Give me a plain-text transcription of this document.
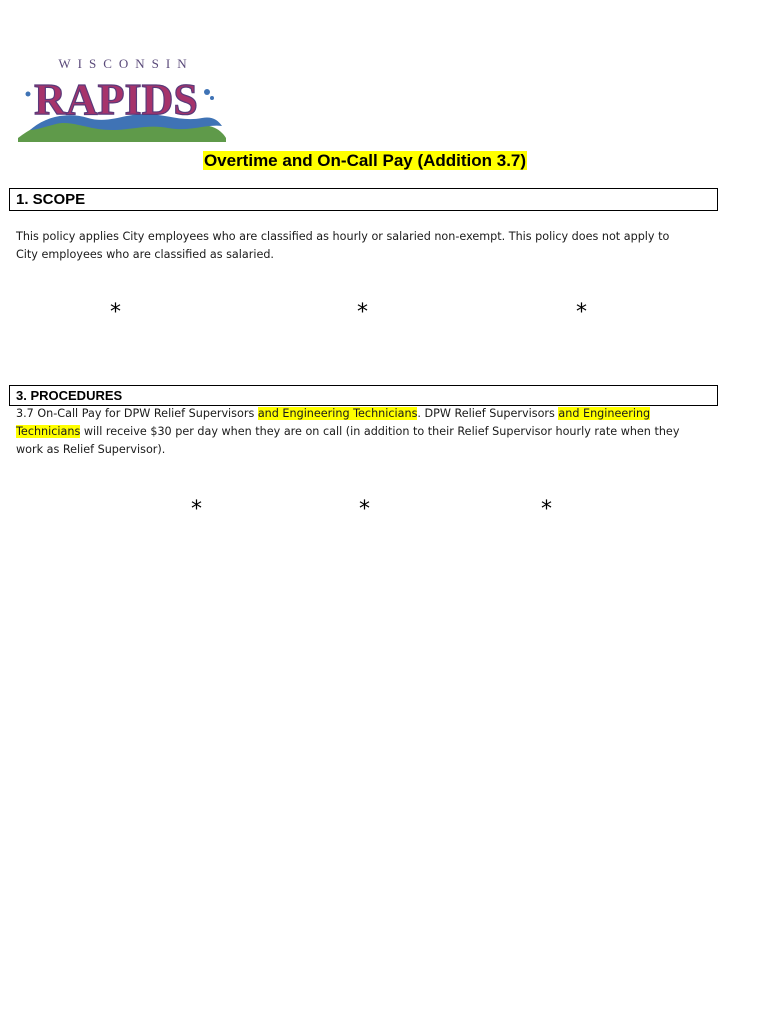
WISCONSIN
RAPIDS
Overtime and On-Call Pay (Addition 3.7)
1. SCOPE
This policy applies City employees who are classified as hourly or salaried non-exempt. This policy does not apply to
City employees who are classified as salaried.
*	*	*
3. PROCEDURES
3.7 On-Call Pay for DPW Relief Supervisors and Engineering Technicians. DPW Relief Supervisors and Engineering
Technicians will receive $30 per day when they are on call (in addition to their Relief Supervisor hourly rate when they
work as Relief Supervisor).
*	*	*
